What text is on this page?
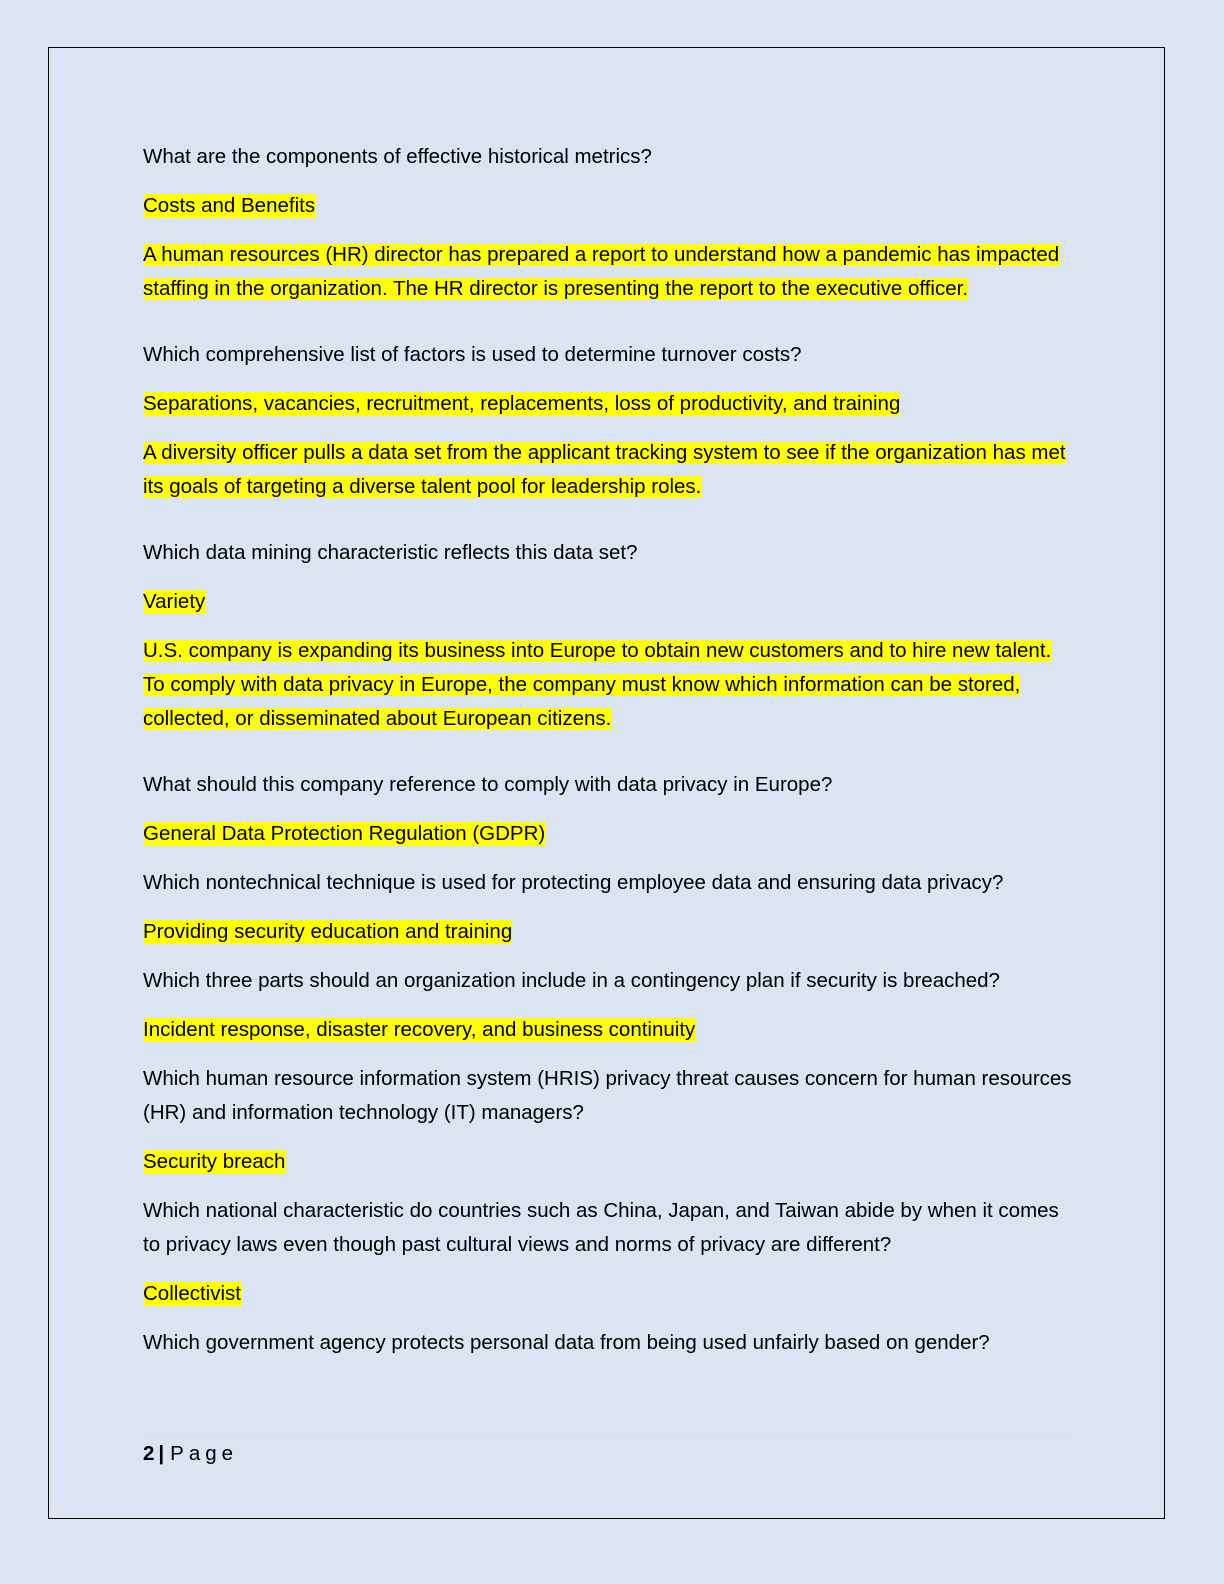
What are the components of effective historical metrics?
Costs and Benefits
A human resources (HR) director has prepared a report to understand how a pandemic has impacted staffing in the organization. The HR director is presenting the report to the executive officer.
Which comprehensive list of factors is used to determine turnover costs?
Separations, vacancies, recruitment, replacements, loss of productivity, and training
A diversity officer pulls a data set from the applicant tracking system to see if the organization has met its goals of targeting a diverse talent pool for leadership roles.
Which data mining characteristic reflects this data set?
Variety
U.S. company is expanding its business into Europe to obtain new customers and to hire new talent. To comply with data privacy in Europe, the company must know which information can be stored, collected, or disseminated about European citizens.
What should this company reference to comply with data privacy in Europe?
General Data Protection Regulation (GDPR)
Which nontechnical technique is used for protecting employee data and ensuring data privacy?
Providing security education and training
Which three parts should an organization include in a contingency plan if security is breached?
Incident response, disaster recovery, and business continuity
Which human resource information system (HRIS) privacy threat causes concern for human resources (HR) and information technology (IT) managers?
Security breach
Which national characteristic do countries such as China, Japan, and Taiwan abide by when it comes to privacy laws even though past cultural views and norms of privacy are different?
Collectivist
Which government agency protects personal data from being used unfairly based on gender?
2 | Page
